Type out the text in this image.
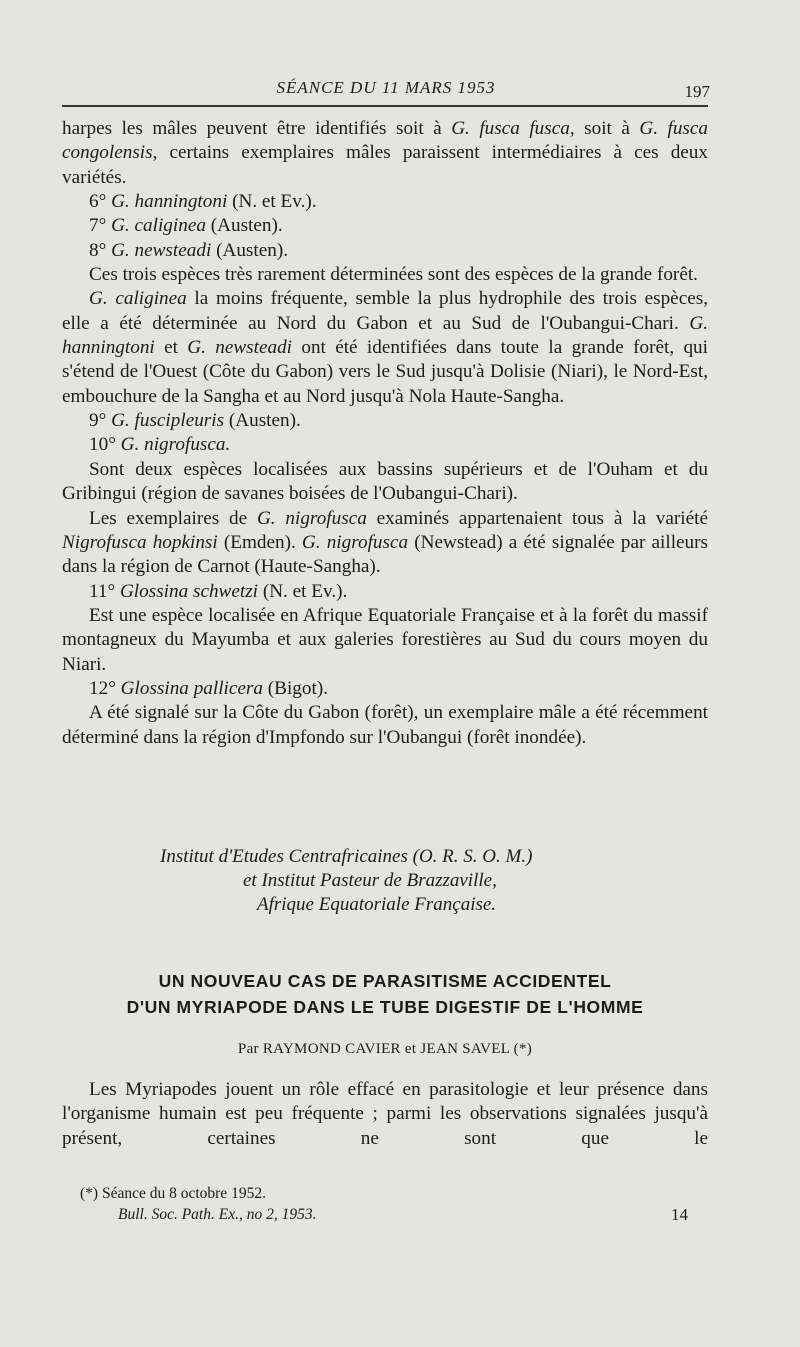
SÉANCE DU 11 MARS 1953	197

harpes les mâles peuvent être identifiés soit à G. fusca fusca, soit à G. fusca congolensis, certains exemplaires mâles paraissent intermédiaires à ces deux variétés.

6° G. hanningtoni (N. et Ev.).

7° G. caliginea (Austen).

8° G. newsteadi (Austen).

Ces trois espèces très rarement déterminées sont des espèces de la grande forêt.

G. caliginea la moins fréquente, semble la plus hydrophile des trois espèces, elle a été déterminée au Nord du Gabon et au Sud de l'Oubangui-Chari. G. hanningtoni et G. newsteadi ont été identifiées dans toute la grande forêt, qui s'étend de l'Ouest (Côte du Gabon) vers le Sud jusqu'à Dolisie (Niari), le Nord-Est, embouchure de la Sangha et au Nord jusqu'à Nola Haute-Sangha.

9° G. fuscipleuris (Austen).

10° G. nigrofusca.

Sont deux espèces localisées aux bassins supérieurs et de l'Ouham et du Gribingui (région de savanes boisées de l'Oubangui-Chari).

Les exemplaires de G. nigrofusca examinés appartenaient tous à la variété Nigrofusca hopkinsi (Emden). G. nigrofusca (Newstead) a été signalée par ailleurs dans la région de Carnot (Haute-Sangha).

11° Glossina schwetzi (N. et Ev.).

Est une espèce localisée en Afrique Equatoriale Française et à la forêt du massif montagneux du Mayumba et aux galeries forestières au Sud du cours moyen du Niari.

12° Glossina pallicera (Bigot).

A été signalé sur la Côte du Gabon (forêt), un exemplaire mâle a été récemment déterminé dans la région d'Impfondo sur l'Oubangui (forêt inondée).

Institut d'Etudes Centrafricaines (O. R. S. O. M.)
et Institut Pasteur de Brazzaville,
Afrique Equatoriale Française.
UN NOUVEAU CAS DE PARASITISME ACCIDENTEL
D'UN MYRIAPODE DANS LE TUBE DIGESTIF DE L'HOMME
Par RAYMOND CAVIER et JEAN SAVEL (*)

Les Myriapodes jouent un rôle effacé en parasitologie et leur présence dans l'organisme humain est peu fréquente ; parmi les observations signalées jusqu'à présent, certaines ne sont que le

(*) Séance du 8 octobre 1952.
Bull. Soc. Path. Ex., no 2, 1953.	14
